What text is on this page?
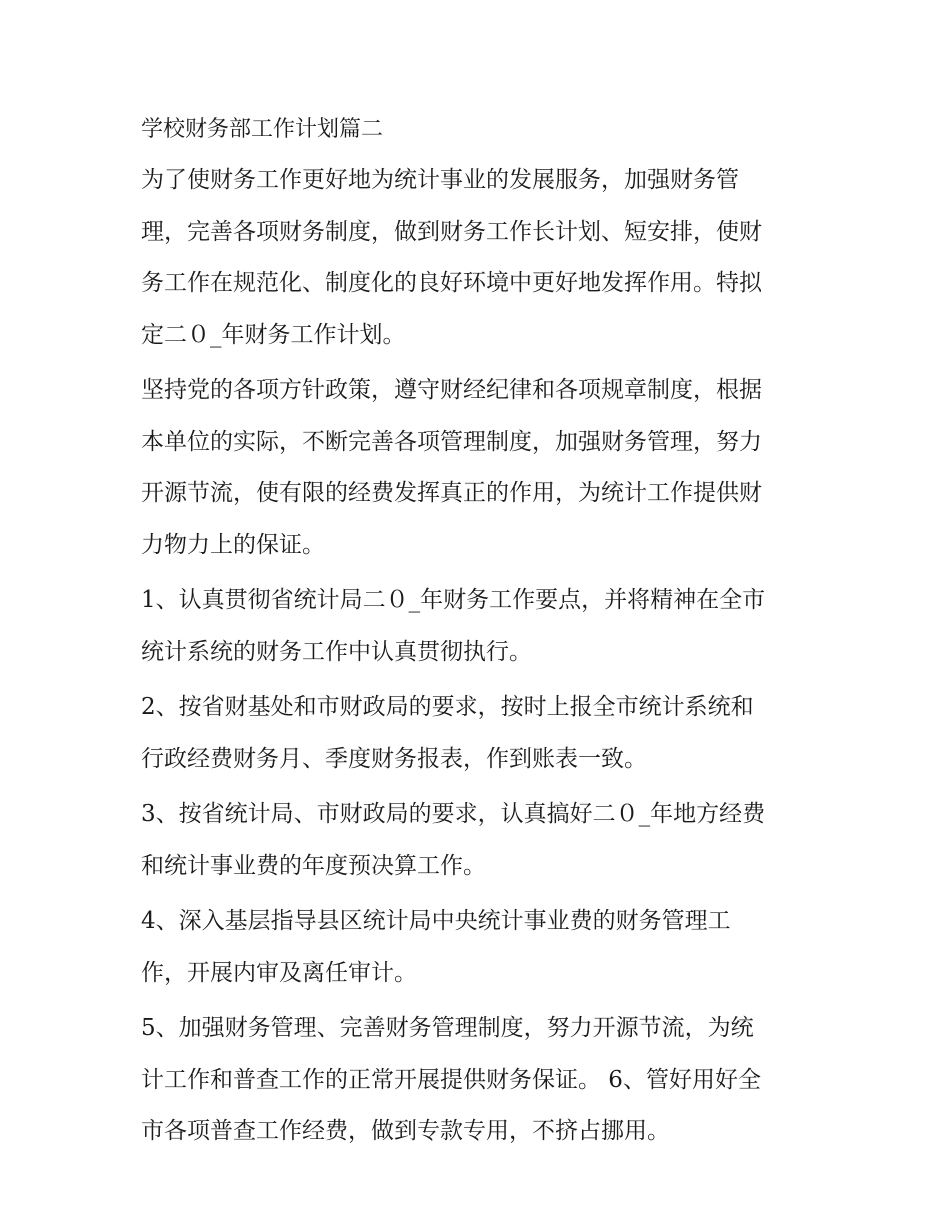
学校财务部工作计划篇二
为了使财务工作更好地为统计事业的发展服务，加强财务管
理，完善各项财务制度，做到财务工作长计划、短安排，使财
务工作在规范化、制度化的良好环境中更好地发挥作用。特拟
定二０_年财务工作计划。
坚持党的各项方针政策，遵守财经纪律和各项规章制度，根据
本单位的实际，不断完善各项管理制度，加强财务管理，努力
开源节流，使有限的经费发挥真正的作用，为统计工作提供财
力物力上的保证。
1、认真贯彻省统计局二０_年财务工作要点，并将精神在全市
统计系统的财务工作中认真贯彻执行。
2、按省财基处和市财政局的要求，按时上报全市统计系统和
行政经费财务月、季度财务报表，作到账表一致。
3、按省统计局、市财政局的要求，认真搞好二０_年地方经费
和统计事业费的年度预决算工作。
4、深入基层指导县区统计局中央统计事业费的财务管理工
作，开展内审及离任审计。
5、加强财务管理、完善财务管理制度，努力开源节流，为统
计工作和普查工作的正常开展提供财务保证。 6、管好用好全
市各项普查工作经费，做到专款专用，不挤占挪用。
